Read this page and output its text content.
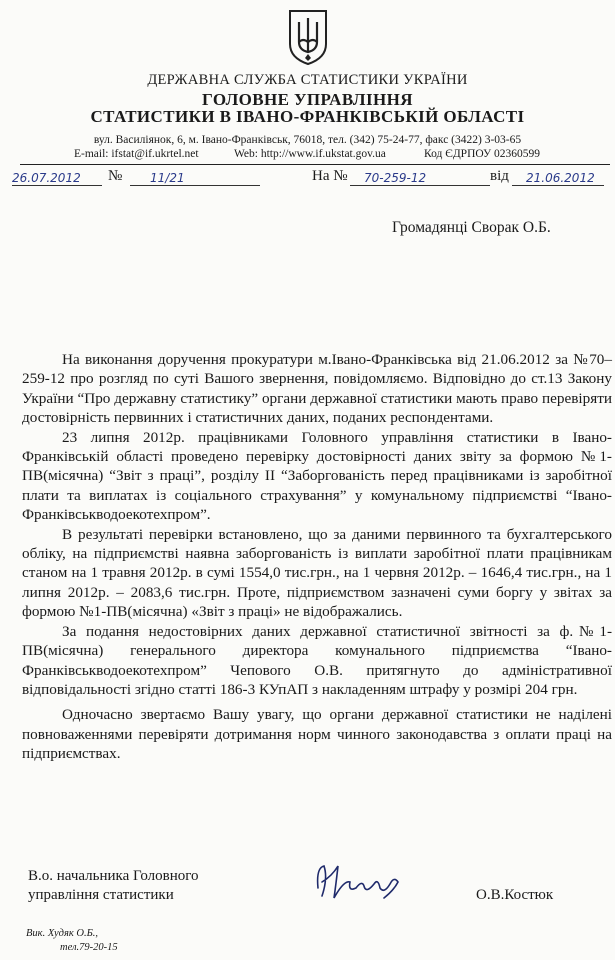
ДЕРЖАВНА СЛУЖБА СТАТИСТИКИ УКРАЇНИ
ГОЛОВНЕ УПРАВЛІННЯ
СТАТИСТИКИ В ІВАНО-ФРАНКІВСЬКІЙ ОБЛАСТІ
вул. Василіянок, 6, м. Івано-Франківськ, 76018, тел. (342) 75-24-77, факс (3422) 3-03-65
E-mail: ifstat@if.ukrtel.net	Web: http://www.if.ukstat.gov.ua	Код ЄДРПОУ 02360599
26.07.2012	№	11/21	На №	70-259-12	від	21.06.2012
Громадянці Сворак О.Б.

На виконання доручення прокуратури м.Івано-Франківська від 21.06.2012 за №70–259-12 про розгляд по суті Вашого звернення, повідомляємо. Відповідно до ст.13 Закону України “Про державну статистику” органи державної статистики мають право перевіряти достовірність первинних і статистичних даних, поданих респондентами.

23 липня 2012р. працівниками Головного управління статистики в Івано-Франківській області проведено перевірку достовірності даних звіту за формою №1-ПВ(місячна) “Звіт з праці”, розділу II “Заборгованість перед працівниками із заробітної плати та виплатах із соціального страхування” у комунальному підприємстві “Івано-Франківськводоекотехпром”.

В результаті перевірки встановлено, що за даними первинного та бухгалтерського обліку, на підприємстві наявна заборгованість із виплати заробітної плати працівникам станом на 1 травня 2012р. в сумі 1554,0 тис.грн., на 1 червня 2012р. – 1646,4 тис.грн., на 1 липня 2012р. – 2083,6 тис.грн. Проте, підприємством зазначені суми боргу у звітах за формою №1-ПВ(місячна) «Звіт з праці» не відображались.

За подання недостовірних даних державної статистичної звітності за ф.№1-ПВ(місячна) генерального директора комунального підприємства “Івано-Франківськводоекотехпром” Чепового О.В. притягнуто до адміністративної відповідальності згідно статті 186-3 КУпАП з накладенням штрафу у розмірі 204 грн.

Одночасно звертаємо Вашу увагу, що органи державної статистики не наділені повноваженнями перевіряти дотримання норм чинного законодавства з оплати праці на підприємствах.

В.о. начальника Головного
управління статистики	О.В.Костюк
Вик. Худяк О.Б.,
тел.79-20-15
